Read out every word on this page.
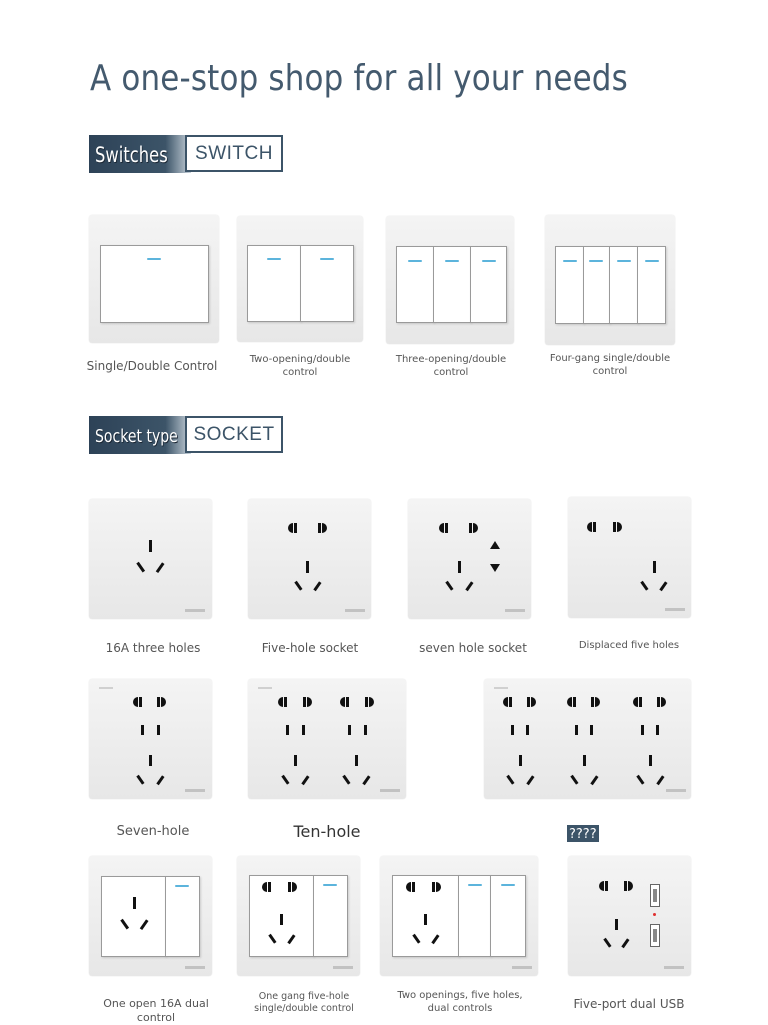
A one-stop shop for all your needs
Switches	SWITCH
Single/Double Control	Two-opening/double control
Three-opening/double control
Four-gang single/double control
Socket type SOCKET
16A three holes	Five-hole socket	seven hole socket	Displaced five holes
Seven-hole	Ten-hole	????
One open 16A dual control
One gang five-hole single/double control
Two openings, five holes, dual controls	Five-port dual USB
